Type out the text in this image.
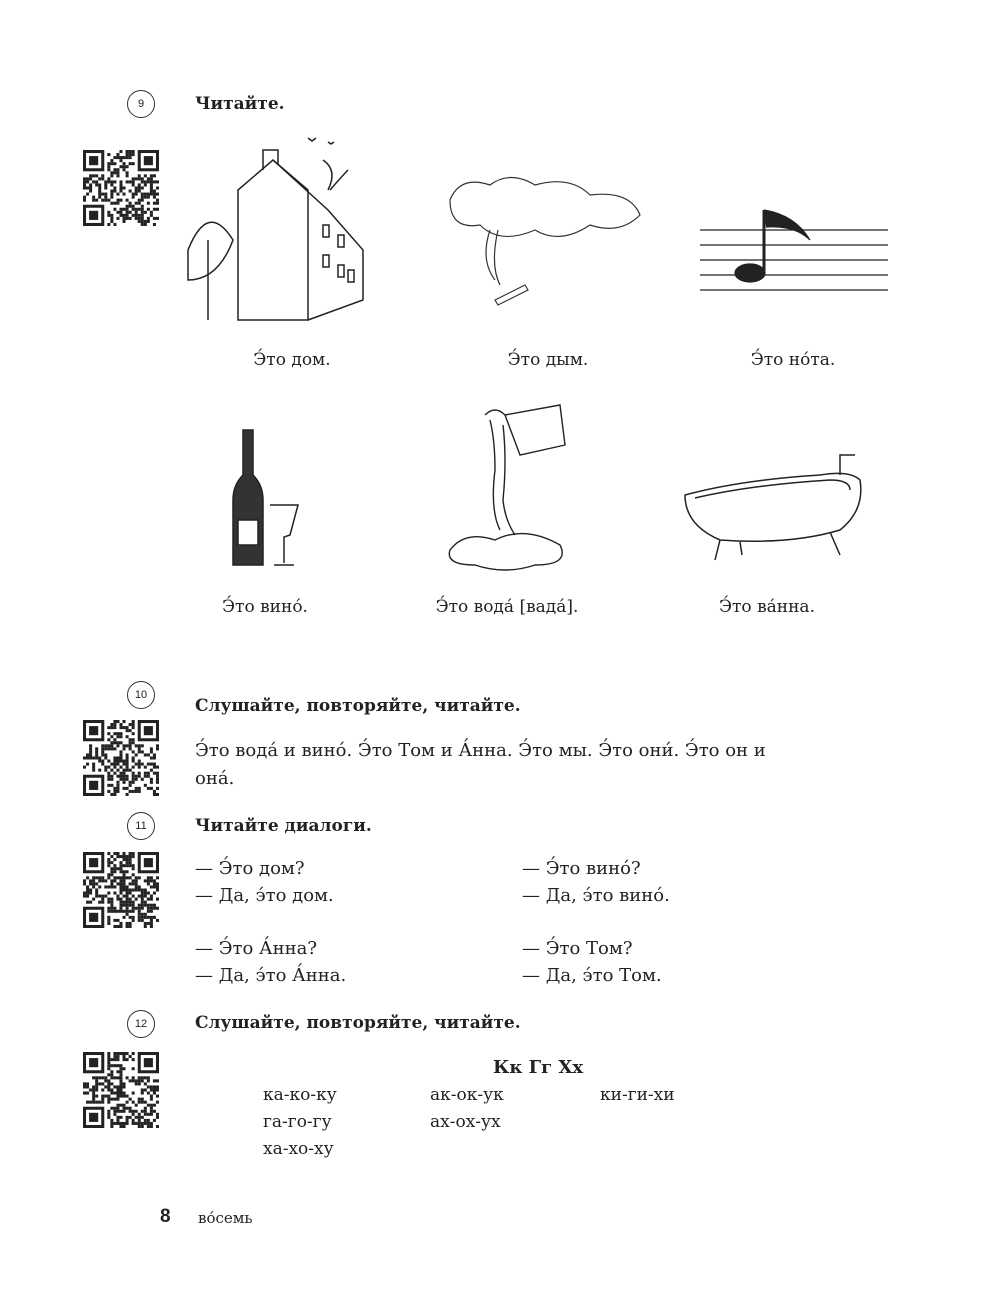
9	Читайте.
Э́то дом.	Э́то дым.	Э́то но́та.
Э́то вино́.	Э́то вода́ [вада́].	Э́то ва́нна.
10
Слушайте, повторяйте, читайте.
Э́то вода́ и вино́. Э́то Том и А́нна. Э́то мы. Э́то они́. Э́то он и
она́.
11	Читайте диалоги.
— Э́то дом?
— Да, э́то дом.
— Э́то вино́?
— Да, э́то вино́.
— Э́то А́нна?
— Да, э́то А́нна.
— Э́то Том?
— Да, э́то Том.
12	Слушайте, повторяйте, читайте.
Кк Гг Хх
ка-ко-ку	ак-ок-ук	ки-ги-хи
га-го-гу	ах-ох-ух
ха-хо-ху
8 во́семь
